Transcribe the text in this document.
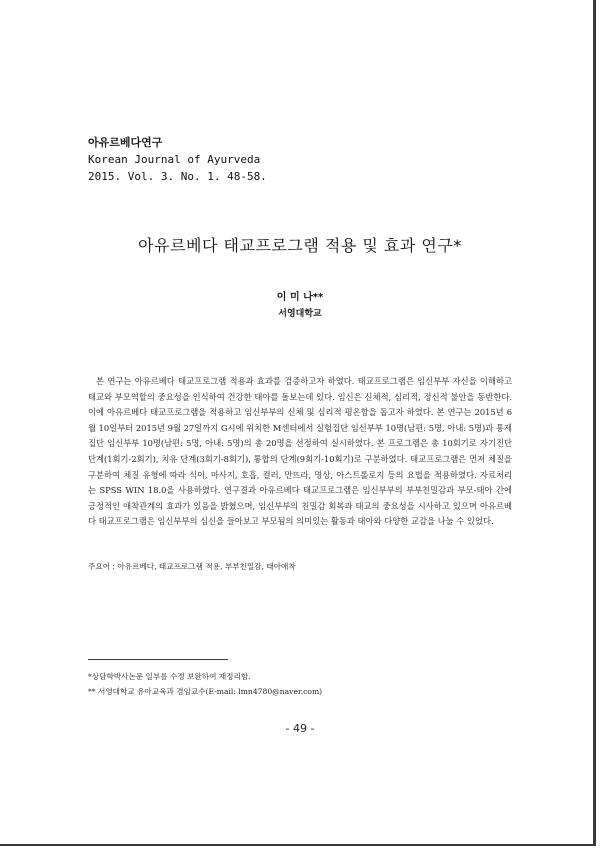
아유르베다연구
Korean Journal of Ayurveda
2015. Vol. 3. No. 1. 48-58.
아유르베다 태교프로그램 적용 및 효과 연구*
이 미 나**
서영대학교
본 연구는 아유르베다 태교프로그램 적용과 효과를 검증하고자 하였다. 태교프로그램은 임신부부 자신을 이해하고 태교와 부모역할의 중요성을 인식하여 건강한 태아를 돌보는데 있다. 임신은 신체적, 심리적, 정신적 불안을 동반한다. 이에 아유르베다 태교프로그램을 적용하고 임신부부의 신체 및 심리적 평온함을 돕고자 하였다. 본 연구는 2015년 6월 10일부터 2015년 9월 27일까지 G시에 위치한 M센터에서 실험집단 임신부부 10명(남편: 5명, 아내: 5명)과 통제집단 임신부부 10명(남편: 5명, 아내: 5명)의 총 20명을 선정하여 실시하였다. 본 프로그램은 총 10회기로 자기진단 단계(1회기-2회기), 치유 단계(3회기-8회기), 통합의 단계(9회기-10회기)로 구분하였다. 태교프로그램은 먼저 체질을 구분하여 체질 유형에 따라 식이, 마사지, 호흡, 컬러, 만뜨라, 명상, 아스트롤로지 등의 요법을 적용하였다. 자료처리는 SPSS WIN 18.0을 사용하였다. 연구결과 아유르베다 태교프로그램은 임신부부의 부부친밀감과 부모-태아 간에 긍정적인 애착관계의 효과가 있음을 밝혔으며, 임신부부의 친밀감 회복과 태교의 중요성을 시사하고 있으며 아유르베다 태교프로그램은 임신부부의 심신을 들아보고 부모됨의 의미있는 활동과 태아와 다양한 교감을 나눌 수 있었다.
주요어 : 아유르베다, 태교프로그램 적용, 부부친밀감, 태아애착
*상담학박사논문 일부를 수정 보완하여 재정리함.
** 서영대학교 유아교육과 겸임교수(E-mail: lmn4780@naver.com)
- 49 -
